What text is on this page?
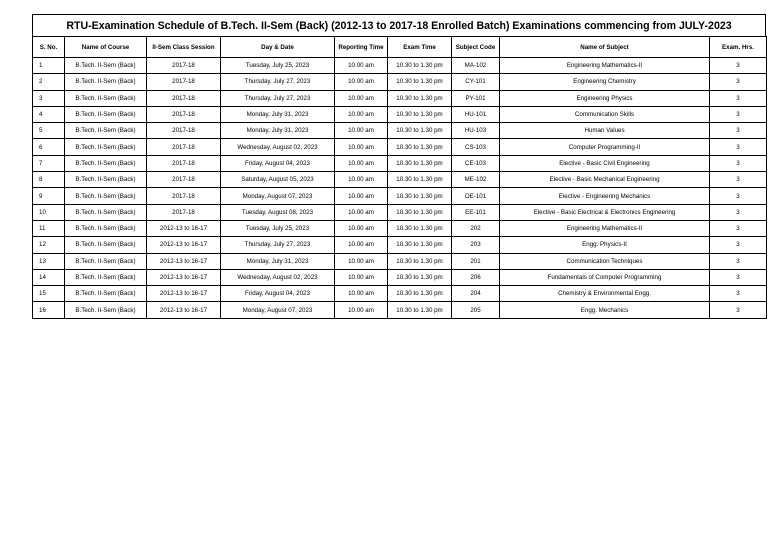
RTU-Examination Schedule of B.Tech. II-Sem (Back) (2012-13 to 2017-18 Enrolled Batch) Examinations commencing from JULY-2023
S. No.	Name of Course	II-Sem Class Session	Day & Date	Reporting Time	Exam Time	Subject Code	Name of Subject	Exam. Hrs.
1	B.Tech. II-Sem (Back)	2017-18	Tuesday, July 25, 2023	10.00 am	10.30 to 1.30 pm	MA-102	Engineering Mathematics-II	3
2	B.Tech. II-Sem (Back)	2017-18	Thursday, July 27, 2023	10.00 am	10.30 to 1.30 pm	CY-101	Engineering Chemistry	3
3	B.Tech. II-Sem (Back)	2017-18	Thursday, July 27, 2023	10.00 am	10.30 to 1.30 pm	PY-101	Engineering Physics	3
4	B.Tech. II-Sem (Back)	2017-18	Monday, July 31, 2023	10.00 am	10.30 to 1.30 pm	HU-101	Communication Skills	3
5	B.Tech. II-Sem (Back)	2017-18	Monday, July 31, 2023	10.00 am	10.30 to 1.30 pm	HU-103	Human Values	3
6	B.Tech. II-Sem (Back)	2017-18	Wednesday, August 02, 2023	10.00 am	10.30 to 1.30 pm	CS-103	Computer Programming-II	3
7	B.Tech. II-Sem (Back)	2017-18	Friday, August 04, 2023	10.00 am	10.30 to 1.30 pm	CE-103	Elective - Basic Civil Engineering	3
8	B.Tech. II-Sem (Back)	2017-18	Saturday, August 05, 2023	10.00 am	10.30 to 1.30 pm	ME-102	Elective - Basic Mechanical Engineering	3
9	B.Tech. II-Sem (Back)	2017-18	Monday, August 07, 2023	10.00 am	10.30 to 1.30 pm	OE-101	Elective - Engineering Mechanics	3
10	B.Tech. II-Sem (Back)	2017-18	Tuesday, August 08, 2023	10.00 am	10.30 to 1.30 pm	EE-101	Elective - Basic Electrical & Electronics Engineering	3
11	B.Tech. II-Sem (Back)	2012-13 to 16-17	Tuesday, July 25, 2023	10.00 am	10.30 to 1.30 pm	202	Engineering Mathematics-II	3
12	B.Tech. II-Sem (Back)	2012-13 to 16-17	Thursday, July 27, 2023	10.00 am	10.30 to 1.30 pm	203	Engg. Physics-II	3
13	B.Tech. II-Sem (Back)	2012-13 to 16-17	Monday, July 31, 2023	10.00 am	10.30 to 1.30 pm	201	Communication Techniques	3
14	B.Tech. II-Sem (Back)	2012-13 to 16-17	Wednesday, August 02, 2023	10.00 am	10.30 to 1.30 pm	206	Fundamentals of Computer Programming	3
15	B.Tech. II-Sem (Back)	2012-13 to 16-17	Friday, August 04, 2023	10.00 am	10.30 to 1.30 pm	204	Chemistry & Environmental Engg.	3
16	B.Tech. II-Sem (Back)	2012-13 to 16-17	Monday, August 07, 2023	10.00 am	10.30 to 1.30 pm	205	Engg. Mechanics	3
